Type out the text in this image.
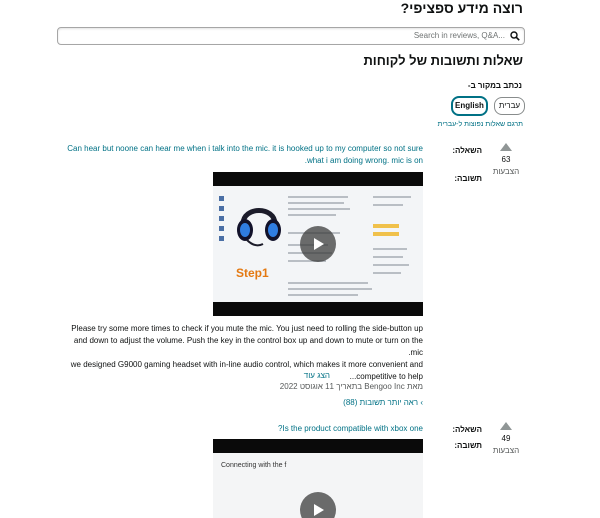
רוצה מידע ספציפי?
Search in reviews, Q&A...
שאלות ותשובות של לקוחות
נכתב במקור ב-
עברית
English
תרגם שאלות נפוצות ל-עברית
63
הצבעות
השאלה:
תשובה:
Can hear but noone can hear me when i talk into the mic. it is hooked up to my computer so not sure what i am doing wrong. mic is on.
Step1
Please try some more times to check if you mute the mic. You just need to rolling the side-button up and down to adjust the volume. Push the key in the control box up and down to mute or turn on the mic.
we designed G9000 gaming headset with in-line audio control, which makes it more convenient and competitive to help...
הצג עוד
מאת Bengoo Inc בתאריך 11 אוגוסט 2022
› ראה יותר תשובות (88)
49
הצבעות
השאלה:
תשובה:
Is the product compatible with xbox one?
Connecting with the f
